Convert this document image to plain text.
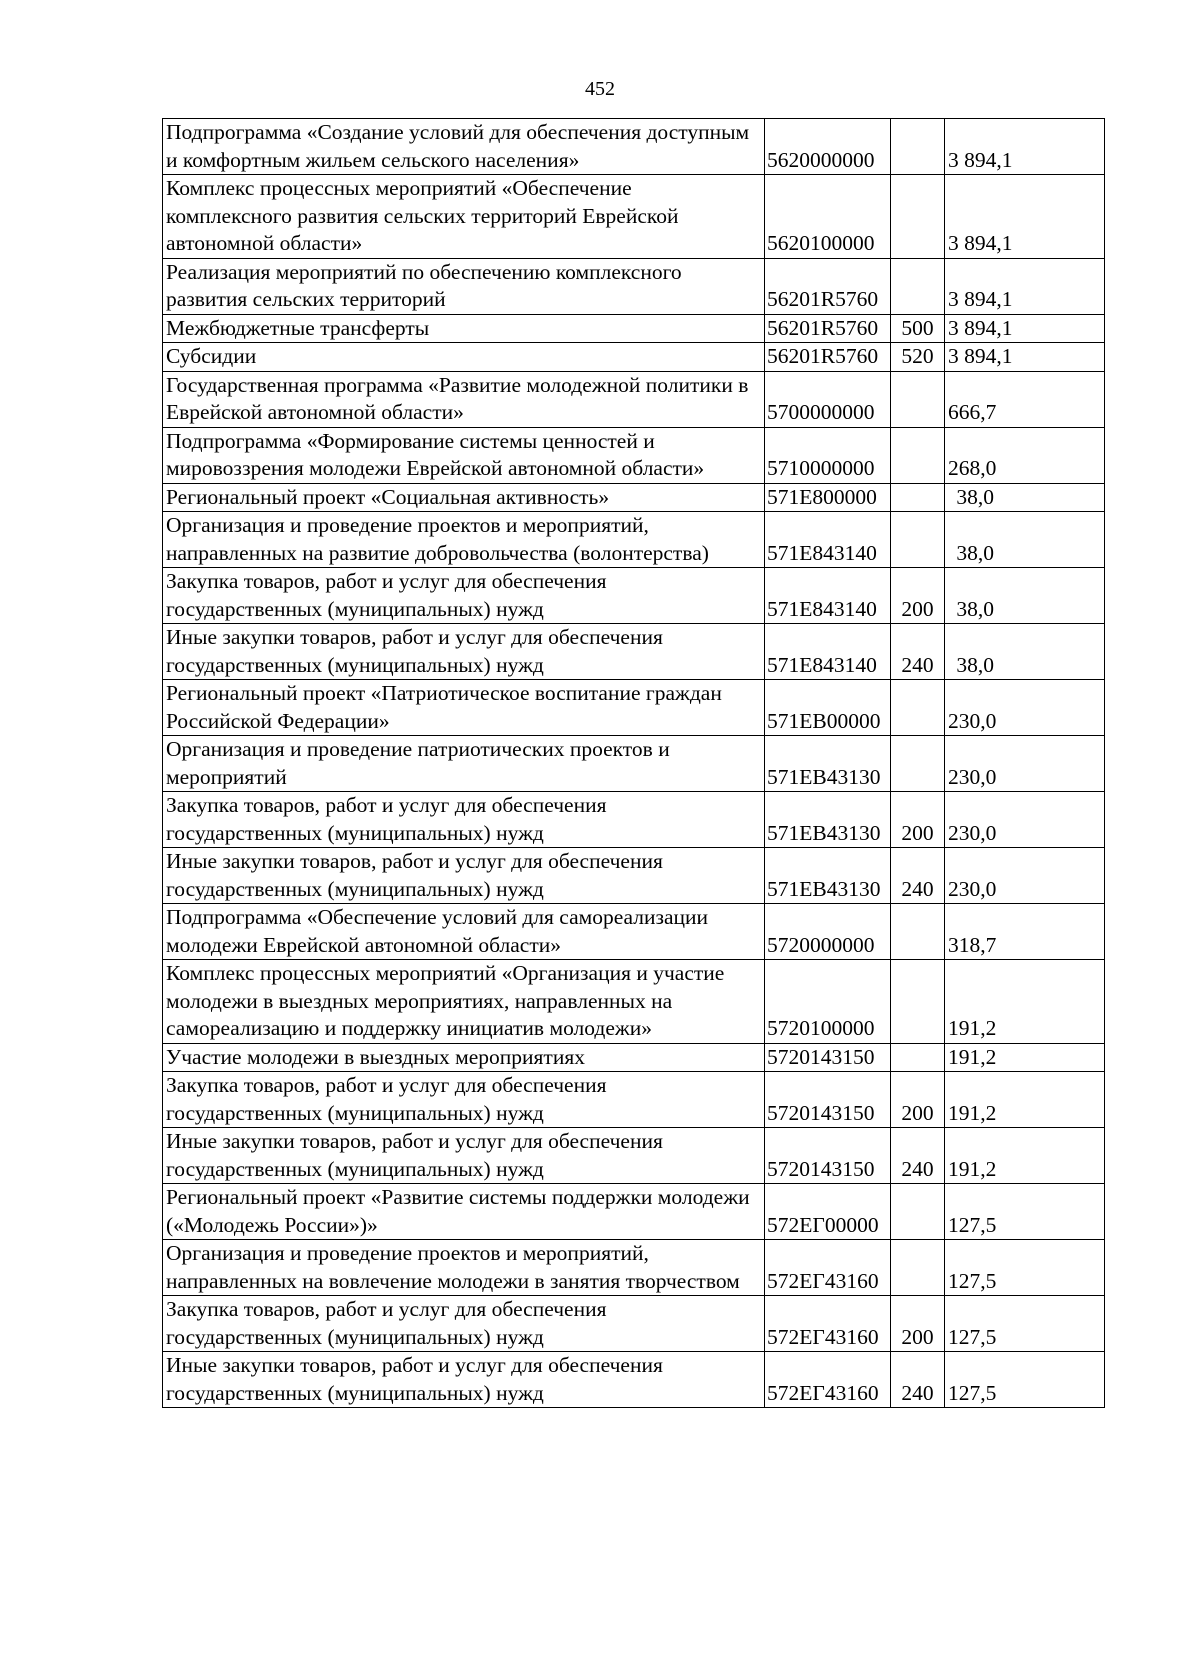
452
Подпрограмма «Создание условий для обеспечения доступным и комфортным жильем сельского населения»	5620000000		3 894,1
Комплекс процессных мероприятий «Обеспечение комплексного развития сельских территорий Еврейской автономной области»	5620100000		3 894,1
Реализация мероприятий по обеспечению комплексного развития сельских территорий	56201R5760		3 894,1
Межбюджетные трансферты	56201R5760	500	3 894,1
Субсидии	56201R5760	520	3 894,1
Государственная программа «Развитие молодежной политики в Еврейской автономной области»	5700000000		666,7
Подпрограмма «Формирование системы ценностей и мировоззрения молодежи Еврейской автономной области»	5710000000		268,0
Региональный проект «Социальная активность»	571E800000		38,0
Организация и проведение проектов и мероприятий, направленных на развитие добровольчества (волонтерства)	571E843140		38,0
Закупка товаров, работ и услуг для обеспечения государственных (муниципальных) нужд	571E843140	200	38,0
Иные закупки товаров, работ и услуг для обеспечения государственных (муниципальных) нужд	571E843140	240	38,0
Региональный проект «Патриотическое воспитание граждан Российской Федерации»	571EB00000		230,0
Организация и проведение патриотических проектов и мероприятий	571EB43130		230,0
Закупка товаров, работ и услуг для обеспечения государственных (муниципальных) нужд	571EB43130	200	230,0
Иные закупки товаров, работ и услуг для обеспечения государственных (муниципальных) нужд	571EB43130	240	230,0
Подпрограмма «Обеспечение условий для самореализации молодежи Еврейской автономной области»	5720000000		318,7
Комплекс процессных мероприятий «Организация и участие молодежи в выездных мероприятиях, направленных на самореализацию и поддержку инициатив молодежи»	5720100000		191,2
Участие молодежи в выездных мероприятиях	5720143150		191,2
Закупка товаров, работ и услуг для обеспечения государственных (муниципальных) нужд	5720143150	200	191,2
Иные закупки товаров, работ и услуг для обеспечения государственных (муниципальных) нужд	5720143150	240	191,2
Региональный проект «Развитие системы поддержки молодежи («Молодежь России»)»	572ЕГ00000		127,5
Организация и проведение проектов и мероприятий, направленных на вовлечение молодежи в занятия творчеством	572ЕГ43160		127,5
Закупка товаров, работ и услуг для обеспечения государственных (муниципальных) нужд	572ЕГ43160	200	127,5
Иные закупки товаров, работ и услуг для обеспечения государственных (муниципальных) нужд	572ЕГ43160	240	127,5
